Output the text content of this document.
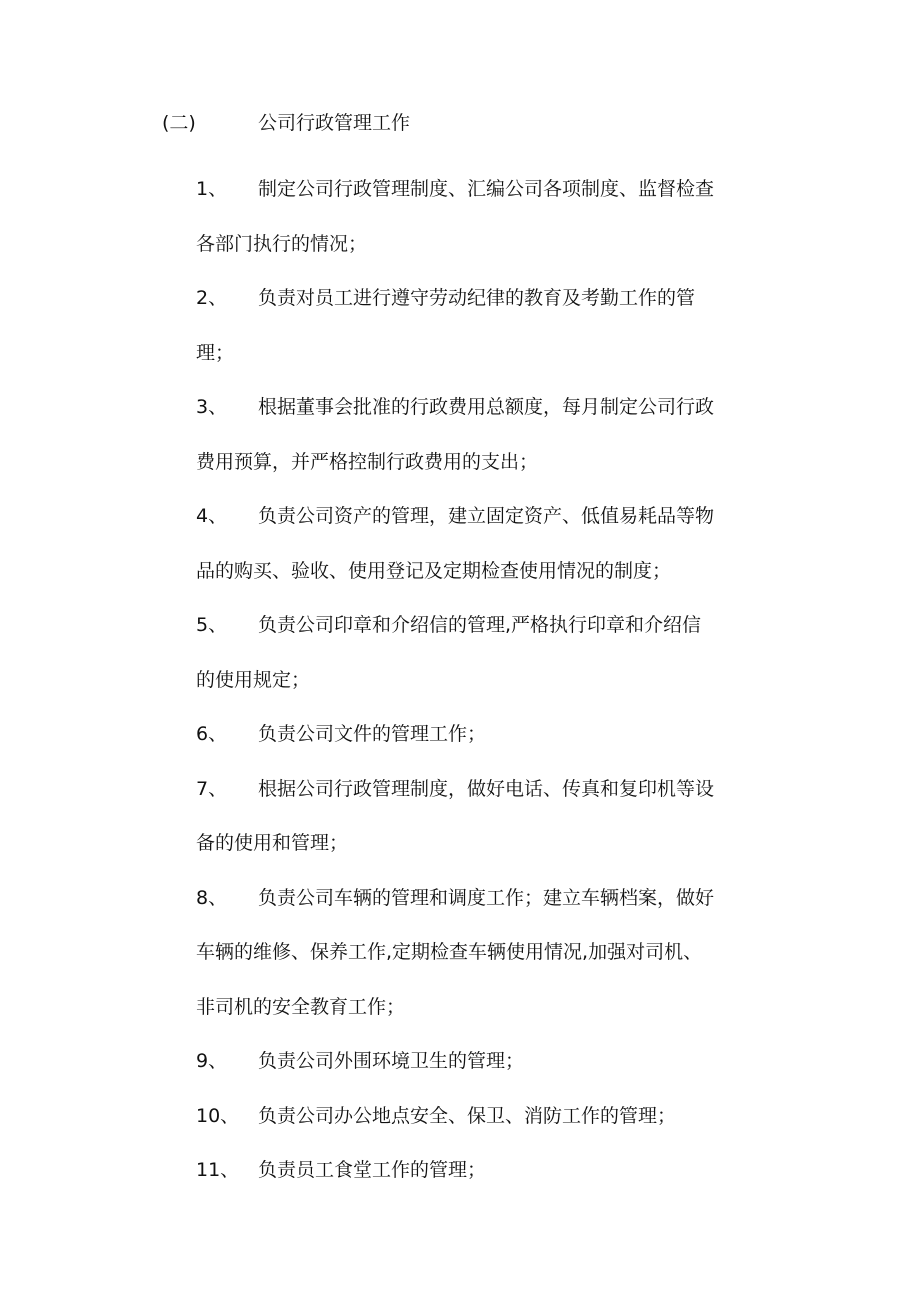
(二)	公司行政管理工作
1、	制定公司行政管理制度、汇编公司各项制度、监督检查
各部门执行的情况；
2、	负责对员工进行遵守劳动纪律的教育及考勤工作的管
理；
3、	根据董事会批准的行政费用总额度，每月制定公司行政
费用预算，并严格控制行政费用的支出；
4、	负责公司资产的管理，建立固定资产、低值易耗品等物
品的购买、验收、使用登记及定期检查使用情况的制度；
5、	负责公司印章和介绍信的管理,严格执行印章和介绍信
的使用规定；
6、	负责公司文件的管理工作；
7、	根据公司行政管理制度，做好电话、传真和复印机等设
备的使用和管理；
8、	负责公司车辆的管理和调度工作；建立车辆档案，做好
车辆的维修、保养工作,定期检查车辆使用情况,加强对司机、
非司机的安全教育工作；
9、	负责公司外围环境卫生的管理；
10、 负责公司办公地点安全、保卫、消防工作的管理；
11、 负责员工食堂工作的管理；
